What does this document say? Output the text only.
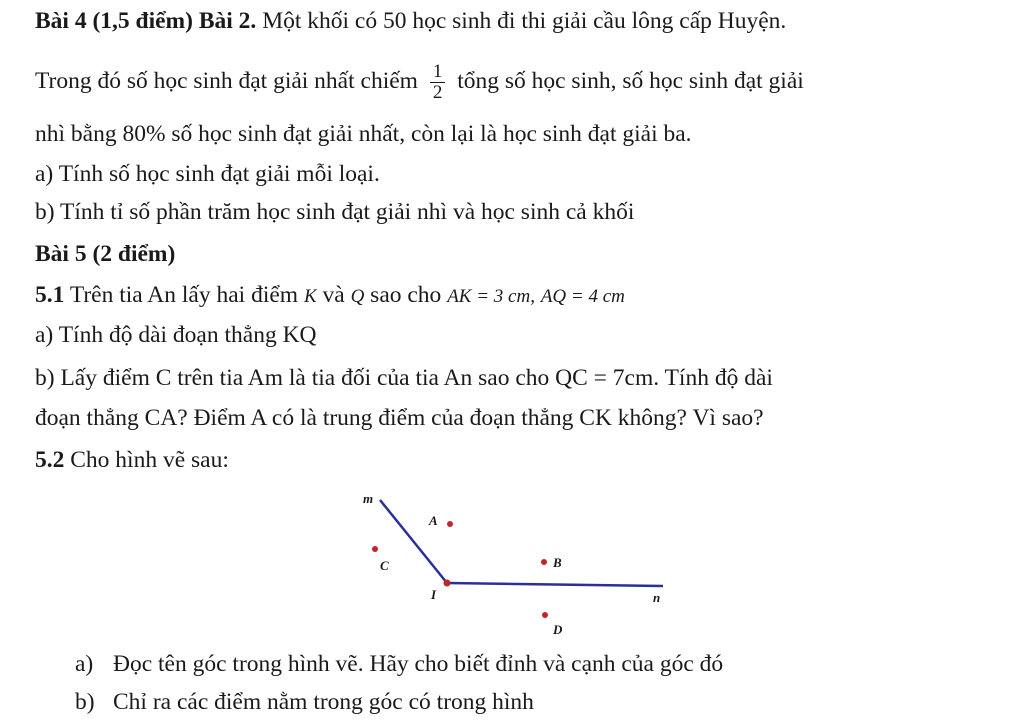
Bài 4 (1,5 điểm) Bài 2. Một khối có 50 học sinh đi thi giải cầu lông cấp Huyện.
Trong đó số học sinh đạt giải nhất chiếm $\frac{1}{2}$ tổng số học sinh, số học sinh đạt giải
nhì bằng 80% số học sinh đạt giải nhất, còn lại là học sinh đạt giải ba.
a) Tính số học sinh đạt giải mỗi loại.
b) Tính tỉ số phần trăm học sinh đạt giải nhì và học sinh cả khối
Bài 5 (2 điểm)
5.1 Trên tia An lấy hai điểm K và Q sao cho AK = 3 cm, AQ = 4 cm
a) Tính độ dài đoạn thẳng KQ
b) Lấy điểm C trên tia Am là tia đối của tia An sao cho QC = 7cm. Tính độ dài
đoạn thẳng CA? Điểm A có là trung điểm của đoạn thẳng CK không? Vì sao?
5.2 Cho hình vẽ sau:
m
A
C	B
I	n
D
a) Đọc tên góc trong hình vẽ. Hãy cho biết đỉnh và cạnh của góc đó
b) Chỉ ra các điểm nằm trong góc có trong hình
